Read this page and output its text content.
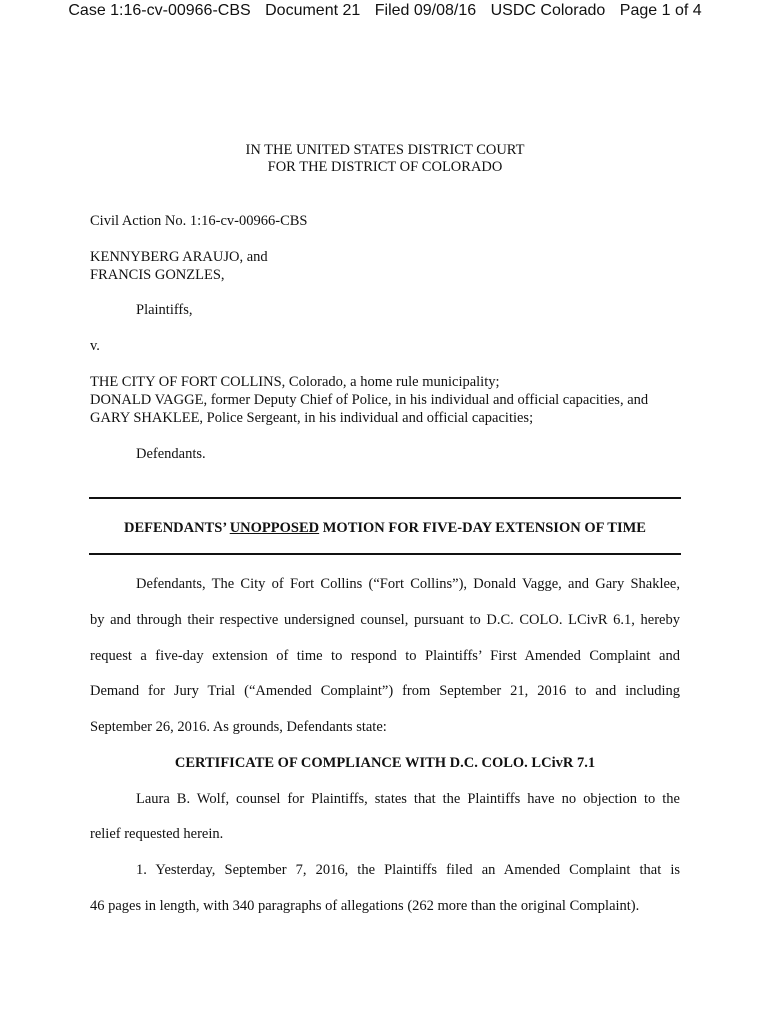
Case 1:16-cv-00966-CBS Document 21 Filed 09/08/16 USDC Colorado Page 1 of 4
IN THE UNITED STATES DISTRICT COURT
FOR THE DISTRICT OF COLORADO
Civil Action No. 1:16-cv-00966-CBS
KENNYBERG ARAUJO, and
FRANCIS GONZLES,
Plaintiffs,
v.
THE CITY OF FORT COLLINS, Colorado, a home rule municipality;
DONALD VAGGE, former Deputy Chief of Police, in his individual and official capacities, and
GARY SHAKLEE, Police Sergeant, in his individual and official capacities;
Defendants.
DEFENDANTS’ UNOPPOSED MOTION FOR FIVE-DAY EXTENSION OF TIME
Defendants, The City of Fort Collins (“Fort Collins”), Donald Vagge, and Gary Shaklee,
by and through their respective undersigned counsel, pursuant to D.C. COLO. LCivR 6.1, hereby
request a five-day extension of time to respond to Plaintiffs’ First Amended Complaint and
Demand for Jury Trial (“Amended Complaint”) from September 21, 2016 to and including
September 26, 2016. As grounds, Defendants state:
CERTIFICATE OF COMPLIANCE WITH D.C. COLO. LCivR 7.1
Laura B. Wolf, counsel for Plaintiffs, states that the Plaintiffs have no objection to the
relief requested herein.
1. Yesterday, September 7, 2016, the Plaintiffs filed an Amended Complaint that is
46 pages in length, with 340 paragraphs of allegations (262 more than the original Complaint).
